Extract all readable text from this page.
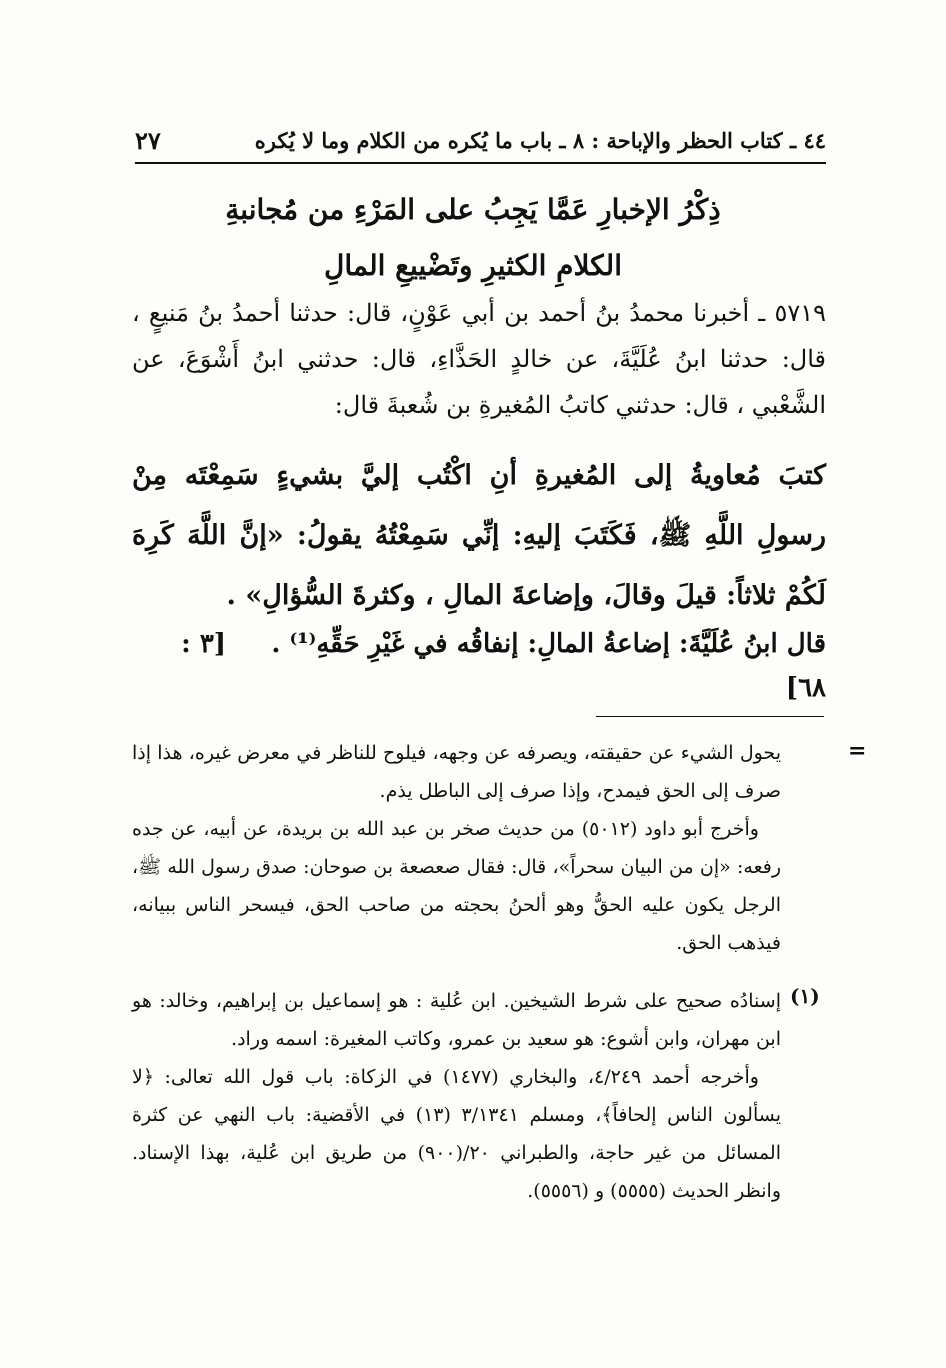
٤٤ ـ كتاب الحظر والإباحة : ٨ ـ باب ما يُكره من الكلام وما لا يُكره
٢٧
ذِكْرُ الإخبارِ عَمَّا يَجِبُ على المَرْءِ من مُجانبةِ
الكلامِ الكثيرِ وتَضْييعِ المالِ
٥٧١٩ ـ أخبرنا محمدُ بنُ أحمد بن أبي عَوْنٍ، قال: حدثنا أحمدُ بنُ مَنيعٍ ، قال: حدثنا ابنُ عُلَيَّةَ، عن خالدٍ الحَذَّاءِ، قال: حدثني ابنُ أَشْوَعَ، عن الشَّعْبي ، قال: حدثني كاتبُ المُغيرةِ بن شُعبةَ قال:
كتبَ مُعاويةُ إلى المُغيرةِ أنِ اكْتُب إليَّ بشيءٍ سَمِعْتَه مِنْ رسولِ اللَّهِ ﷺ، فَكَتَبَ إليهِ: إنِّي سَمِعْتُهُ يقولُ: «إنَّ اللَّهَ كَرِهَ لَكُمْ ثلاثاً: قيلَ وقالَ، وإضاعةَ المالِ ، وكثرةَ السُّؤالِ» .
قال ابنُ عُلَيَّةَ: إضاعةُ المالِ: إنفاقُه في غَيْرِ حَقِّهِ⁽¹⁾ .     [٣ : ٦٨]
=

يحول الشيء عن حقيقته، ويصرفه عن وجهه، فيلوح للناظر في معرض غيره، هذا إذا صرف إلى الحق فيمدح، وإذا صرف إلى الباطل يذم.

وأخرج أبو داود (٥٠١٢) من حديث صخر بن عبد الله بن بريدة، عن أبيه، عن جده رفعه: «إن من البيان سحراً»، قال: فقال صعصعة بن صوحان: صدق رسول الله ﷺ، الرجل يكون عليه الحقُّ وهو ألحنُ بحجته من صاحب الحق، فيسحر الناس ببيانه، فيذهب الحق.

(١)

إسنادُه صحيح على شرط الشيخين. ابن عُلية : هو إسماعيل بن إبراهيم، وخالد: هو ابن مهران، وابن أشوع: هو سعيد بن عمرو، وكاتب المغيرة: اسمه وراد.

وأخرجه أحمد ٤/٢٤٩، والبخاري (١٤٧٧) في الزكاة: باب قول الله تعالى: ﴿لا يسألون الناس إلحافاً﴾، ومسلم ٣/١٣٤١ (١٣) في الأقضية: باب النهي عن كثرة المسائل من غير حاجة، والطبراني ٢٠/(٩٠٠) من طريق ابن عُلية، بهذا الإسناد. وانظر الحديث (٥٥٥٥) و (٥٥٥٦).
